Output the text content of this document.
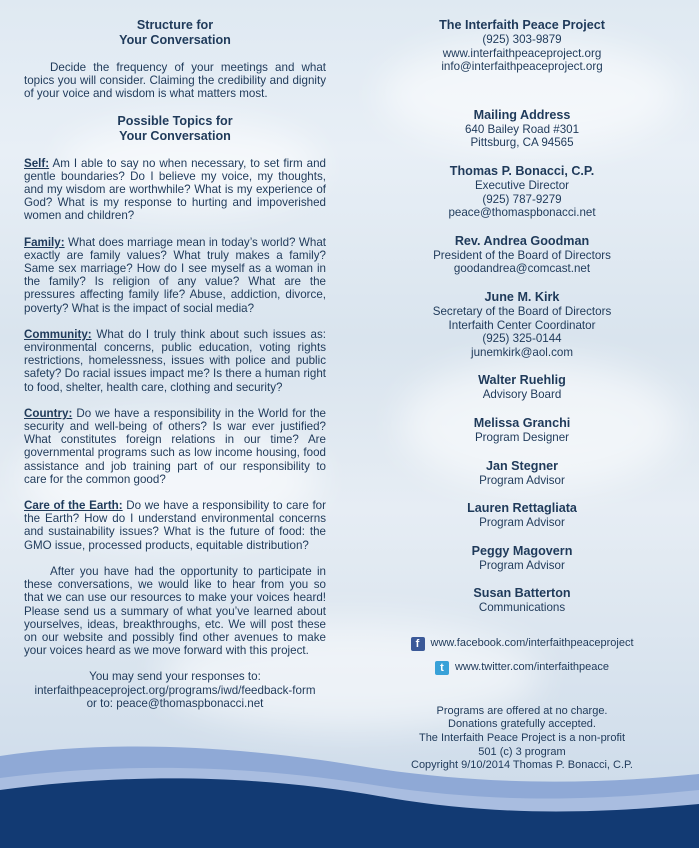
Structure for
Your Conversation

Decide the frequency of your meetings and what topics you will consider. Claiming the credibility and dignity of your voice and wisdom is what matters most.

Possible Topics for
Your Conversation

Self: Am I able to say no when necessary, to set firm and gentle boundaries? Do I believe my voice, my thoughts, and my wisdom are worthwhile? What is my experience of God? What is my response to hurting and impoverished women and children?

Family: What does marriage mean in today’s world? What exactly are family values? What truly makes a family? Same sex marriage? How do I see myself as a woman in the family? Is religion of any value? What are the pressures affecting family life? Abuse, addiction, divorce, poverty? What is the impact of social media?

Community: What do I truly think about such issues as: environmental concerns, public education, voting rights restrictions, homelessness, issues with police and public safety? Do racial issues impact me? Is there a human right to food, shelter, health care, clothing and security?

Country: Do we have a responsibility in the World for the security and well-being of others? Is war ever justified? What constitutes foreign relations in our time? Are governmental programs such as low income housing, food assistance and job training part of our responsibility to care for the common good?

Care of the Earth: Do we have a responsibility to care for the Earth? How do I understand environmental concerns and sustainability issues? What is the future of food: the GMO issue, processed products, equitable distribution?

After you have had the opportunity to participate in these conversations, we would like to hear from you so that we can use our resources to make your voices heard! Please send us a summary of what you’ve learned about yourselves, ideas, breakthroughs, etc. We will post these on our website and possibly find other avenues to make your voices heard as we move forward with this project.

You may send your responses to:
interfaithpeaceproject.org/programs/iwd/feedback-form
or to: peace@thomaspbonacci.net
The Interfaith Peace Project
(925) 303-9879
www.interfaithpeaceproject.org
info@interfaithpeaceproject.org
Mailing Address
640 Bailey Road #301
Pittsburg, CA 94565
Thomas P. Bonacci, C.P.
Executive Director
(925) 787-9279
peace@thomaspbonacci.net
Rev. Andrea Goodman
President of the Board of Directors
goodandrea@comcast.net
June M. Kirk
Secretary of the Board of Directors
Interfaith Center Coordinator
(925) 325-0144
junemkirk@aol.com
Walter Ruehlig
Advisory Board
Melissa Granchi
Program Designer
Jan Stegner
Program Advisor
Lauren Rettagliata
Program Advisor
Peggy Magovern
Program Advisor
Susan Batterton
Communications
f	www.facebook.com/interfaithpeaceproject
t	www.twitter.com/interfaithpeace
Programs are offered at no charge.
Donations gratefully accepted.
The Interfaith Peace Project is a non-profit
501 (c) 3 program
Copyright 9/10/2014 Thomas P. Bonacci, C.P.
